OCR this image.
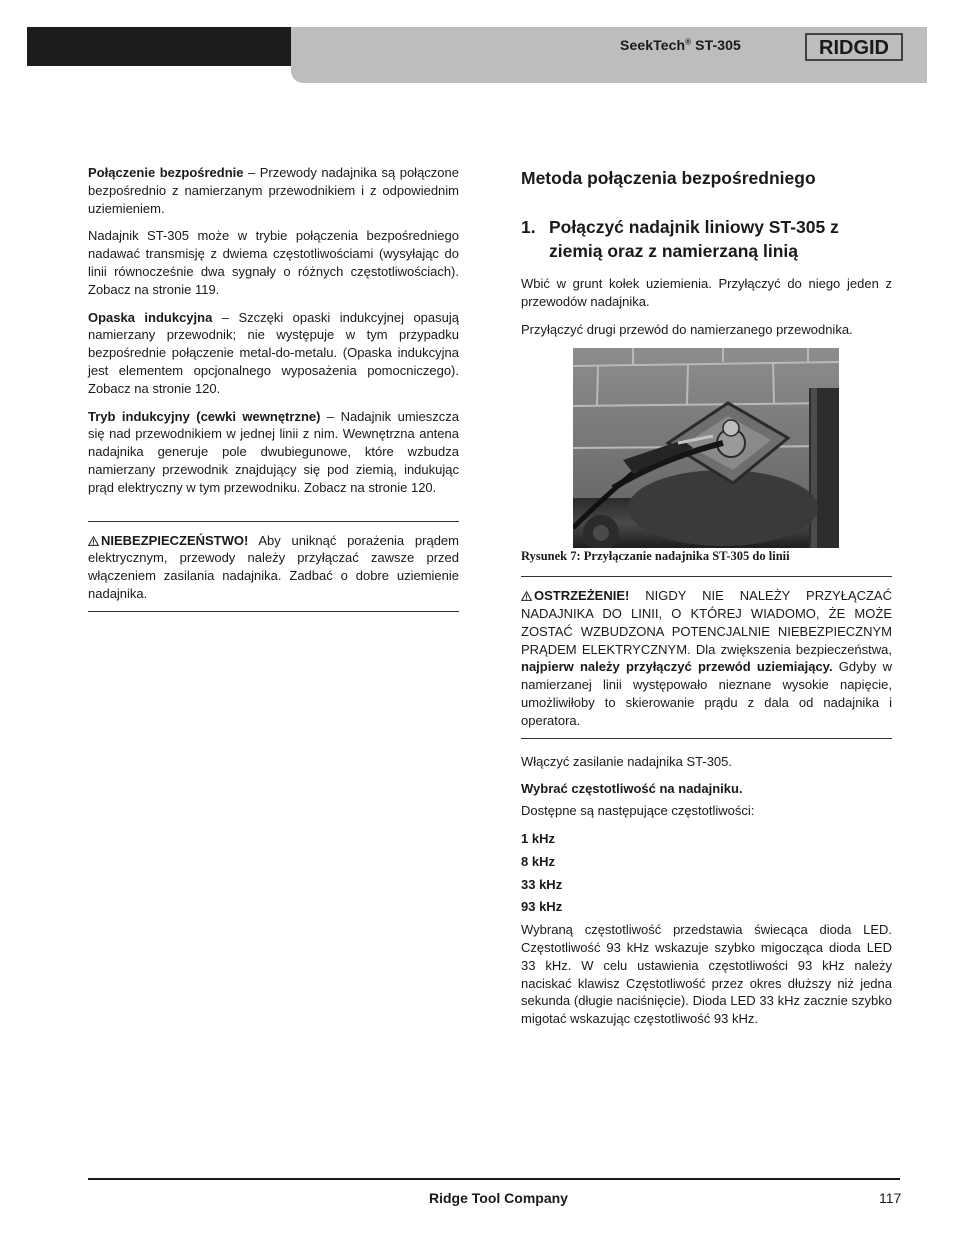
SeekTech® ST-305	RIDGID

Połączenie bezpośrednie – Przewody nadajnika są połączone bezpośrednio z namierzanym przewodnikiem i z odpowiednim uziemieniem.

Nadajnik ST-305 może w trybie połączenia bezpośredniego nadawać transmisję z dwiema częstotliwościami (wysyłając do linii równocześnie dwa sygnały o różnych częstotliwościach). Zobacz na stronie 119.

Opaska indukcyjna – Szczęki opaski indukcyjnej opasują namierzany przewodnik; nie występuje w tym przypadku bezpośrednie połączenie metal-do-metalu. (Opaska indukcyjna jest elementem opcjonalnego wyposażenia pomocniczego). Zobacz na stronie 120.

Tryb indukcyjny (cewki wewnętrzne) – Nadajnik umieszcza się nad przewodnikiem w jednej linii z nim. Wewnętrzna antena nadajnika generuje pole dwubiegunowe, które wzbudza namierzany przewodnik znajdujący się pod ziemią, indukując prąd elektryczny w tym przewodniku. Zobacz na stronie 120.

NIEBEZPIECZEŃSTWO! Aby uniknąć porażenia prądem elektrycznym, przewody należy przyłączać zawsze przed włączeniem zasilania nadajnika. Zadbać o dobre uziemienie nadajnika.

Metoda połączenia bezpośredniego
1. Połączyć nadajnik liniowy ST-305 z ziemią oraz z namierzaną linią

Wbić w grunt kołek uziemienia. Przyłączyć do niego jeden z przewodów nadajnika.

Przyłączyć drugi przewód do namierzanego przewodnika.

Rysunek 7: Przyłączanie nadajnika ST-305 do linii

OSTRZEŻENIE! NIGDY NIE NALEŻY PRZYŁĄCZAĆ NADAJNIKA DO LINII, O KTÓREJ WIADOMO, ŻE MOŻE ZOSTAĆ WZBUDZONA POTENCJALNIE NIEBEZPIECZNYM PRĄDEM ELEKTRYCZNYM. Dla zwiększenia bezpieczeństwa, najpierw należy przyłączyć przewód uziemiający. Gdyby w namierzanej linii występowało nieznane wysokie napięcie, umożliwiłoby to skierowanie prądu z dala od nadajnika i operatora.

Włączyć zasilanie nadajnika ST-305.

Wybrać częstotliwość na nadajniku.

Dostępne są następujące częstotliwości:

1 kHz

8 kHz

33 kHz

93 kHz

Wybraną częstotliwość przedstawia świecąca dioda LED. Częstotliwość 93 kHz wskazuje szybko migocząca dioda LED 33 kHz. W celu ustawienia częstotliwości 93 kHz należy naciskać klawisz Częstotliwość przez okres dłuższy niż jedna sekunda (długie naciśnięcie). Dioda LED 33 kHz zacznie szybko migotać wskazując częstotliwość 93 kHz.

Ridge Tool Company	117
